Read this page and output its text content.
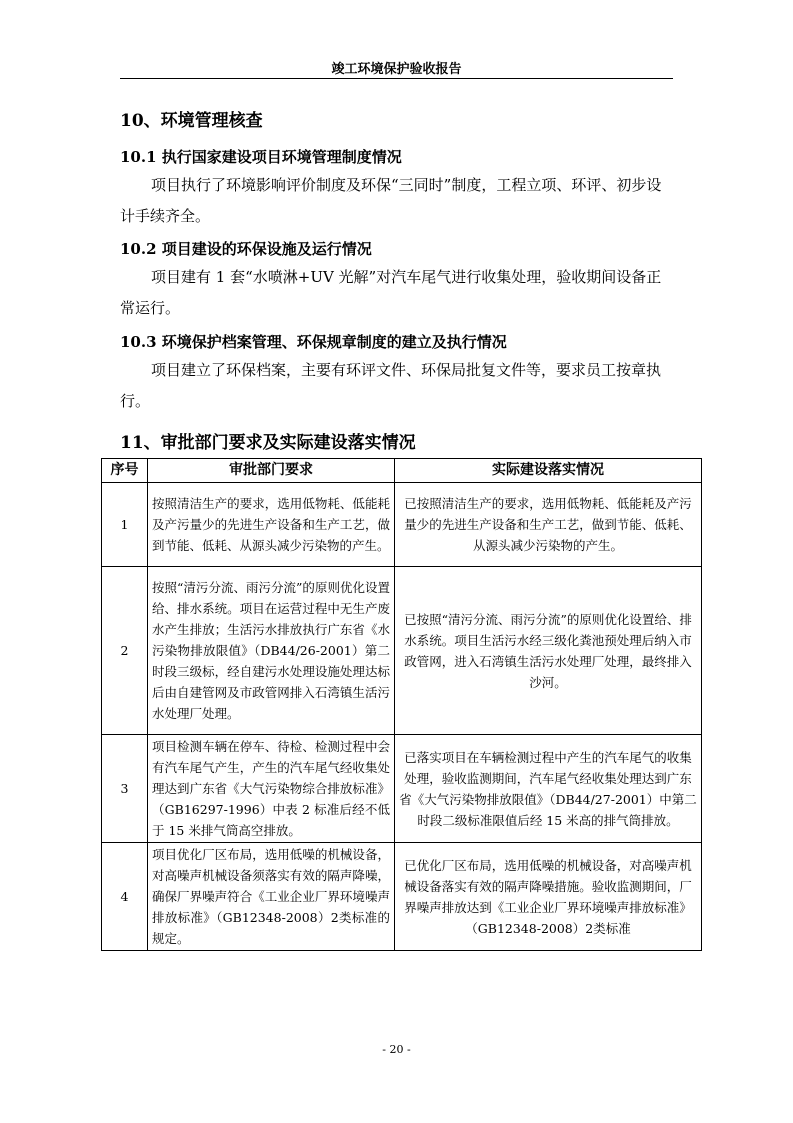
竣工环境保护验收报告
10、环境管理核查
10.1 执行国家建设项目环境管理制度情况

项目执行了环境影响评价制度及环保“三同时”制度，工程立项、环评、初步设计手续齐全。

10.2 项目建设的环保设施及运行情况

项目建有 1 套“水喷淋+UV 光解”对汽车尾气进行收集处理，验收期间设备正常运行。

10.3 环境保护档案管理、环保规章制度的建立及执行情况

项目建立了环保档案，主要有环评文件、环保局批复文件等，要求员工按章执行。

11、审批部门要求及实际建设落实情况
序号	审批部门要求	实际建设落实情况
1	按照清洁生产的要求，选用低物耗、低能耗及产污量少的先进生产设备和生产工艺，做到节能、低耗、从源头减少污染物的产生。	已按照清洁生产的要求，选用低物耗、低能耗及产污量少的先进生产设备和生产工艺，做到节能、低耗、从源头减少污染物的产生。
2	按照“清污分流、雨污分流”的原则优化设置给、排水系统。项目在运营过程中无生产废水产生排放；生活污水排放执行广东省《水污染物排放限值》（DB44/26-2001）第二时段三级标，经自建污水处理设施处理达标后由自建管网及市政管网排入石湾镇生活污水处理厂处理。	已按照“清污分流、雨污分流”的原则优化设置给、排水系统。项目生活污水经三级化粪池预处理后纳入市政管网，进入石湾镇生活污水处理厂处理，最终排入沙河。
3	项目检测车辆在停车、待检、检测过程中会有汽车尾气产生，产生的汽车尾气经收集处理达到广东省《大气污染物综合排放标准》（GB16297-1996）中表 2 标准后经不低于 15 米排气筒高空排放。	已落实项目在车辆检测过程中产生的汽车尾气的收集处理，验收监测期间，汽车尾气经收集处理达到广东省《大气污染物排放限值》（DB44/27-2001）中第二时段二级标准限值后经 15 米高的排气筒排放。
4	项目优化厂区布局，选用低噪的机械设备，对高噪声机械设备须落实有效的隔声降噪，确保厂界噪声符合《工业企业厂界环境噪声排放标准》（GB12348-2008）2类标准的规定。	已优化厂区布局，选用低噪的机械设备，对高噪声机械设备落实有效的隔声降噪措施。验收监测期间，厂界噪声排放达到《工业企业厂界环境噪声排放标准》（GB12348-2008）2类标准
- 20 -
